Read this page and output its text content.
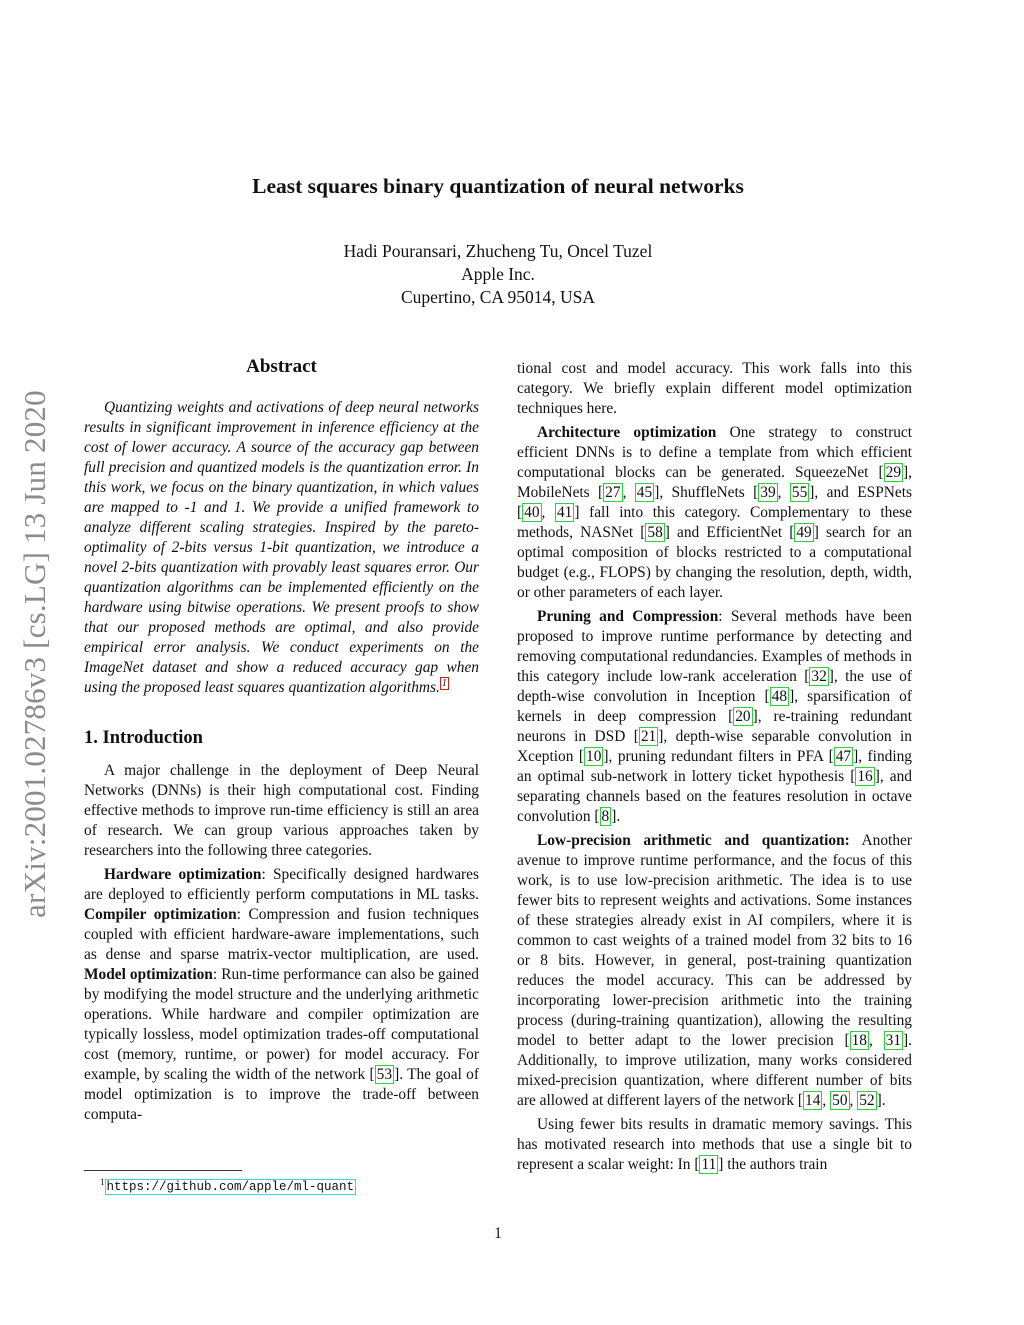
Least squares binary quantization of neural networks
Hadi Pouransari, Zhucheng Tu, Oncel Tuzel
Apple Inc.
Cupertino, CA 95014, USA
arXiv:2001.02786v3 [cs.LG] 13 Jun 2020
Abstract

Quantizing weights and activations of deep neural networks results in significant improvement in inference efficiency at the cost of lower accuracy. A source of the accuracy gap between full precision and quantized models is the quantization error. In this work, we focus on the binary quantization, in which values are mapped to -1 and 1. We provide a unified framework to analyze different scaling strategies. Inspired by the pareto-optimality of 2-bits versus 1-bit quantization, we introduce a novel 2-bits quantization with provably least squares error. Our quantization algorithms can be implemented efficiently on the hardware using bitwise operations. We present proofs to show that our proposed methods are optimal, and also provide empirical error analysis. We conduct experiments on the ImageNet dataset and show a reduced accuracy gap when using the proposed least squares quantization algorithms. $^1$

1. Introduction

A major challenge in the deployment of Deep Neural Networks (DNNs) is their high computational cost. Finding effective methods to improve run-time efficiency is still an area of research. We can group various approaches taken by researchers into the following three categories.

Hardware optimization: Specifically designed hardwares are deployed to efficiently perform computations in ML tasks. Compiler optimization: Compression and fusion techniques coupled with efficient hardware-aware implementations, such as dense and sparse matrix-vector multiplication, are used. Model optimization: Run-time performance can also be gained by modifying the model structure and the underlying arithmetic operations. While hardware and compiler optimization are typically lossless, model optimization trades-off computational cost (memory, runtime, or power) for model accuracy. For example, by scaling the width of the network [ 53 ]. The goal of model optimization is to improve the trade-off between computa-

tional cost and model accuracy. This work falls into this category. We briefly explain different model optimization techniques here.

Architecture optimization One strategy to construct efficient DNNs is to define a template from which efficient computational blocks can be generated. SqueezeNet [ 29 ], MobileNets [ 27 , 45 ], ShuffleNets [ 39 , 55 ], and ESPNets [ 40 , 41 ] fall into this category. Complementary to these methods, NASNet [ 58 ] and EfficientNet [ 49 ] search for an optimal composition of blocks restricted to a computational budget (e.g., FLOPS) by changing the resolution, depth, width, or other parameters of each layer.

Pruning and Compression: Several methods have been proposed to improve runtime performance by detecting and removing computational redundancies. Examples of methods in this category include low-rank acceleration [ 32 ], the use of depth-wise convolution in Inception [ 48 ], sparsification of kernels in deep compression [ 20 ], re-training redundant neurons in DSD [ 21 ], depth-wise separable convolution in Xception [ 10 ], pruning redundant filters in PFA [ 47 ], finding an optimal sub-network in lottery ticket hypothesis [ 16 ], and separating channels based on the features resolution in octave convolution [ 8 ].

Low-precision arithmetic and quantization: Another avenue to improve runtime performance, and the focus of this work, is to use low-precision arithmetic. The idea is to use fewer bits to represent weights and activations. Some instances of these strategies already exist in AI compilers, where it is common to cast weights of a trained model from 32 bits to 16 or 8 bits. However, in general, post-training quantization reduces the model accuracy. This can be addressed by incorporating lower-precision arithmetic into the training process (during-training quantization), allowing the resulting model to better adapt to the lower precision [ 18 , 31 ]. Additionally, to improve utilization, many works considered mixed-precision quantization, where different number of bits are allowed at different layers of the network [ 14 , 50 , 52 ].

Using fewer bits results in dramatic memory savings. This has motivated research into methods that use a single bit to represent a scalar weight: In [ 11 ] the authors train

$^1$ https://github.com/apple/ml-quant
1
